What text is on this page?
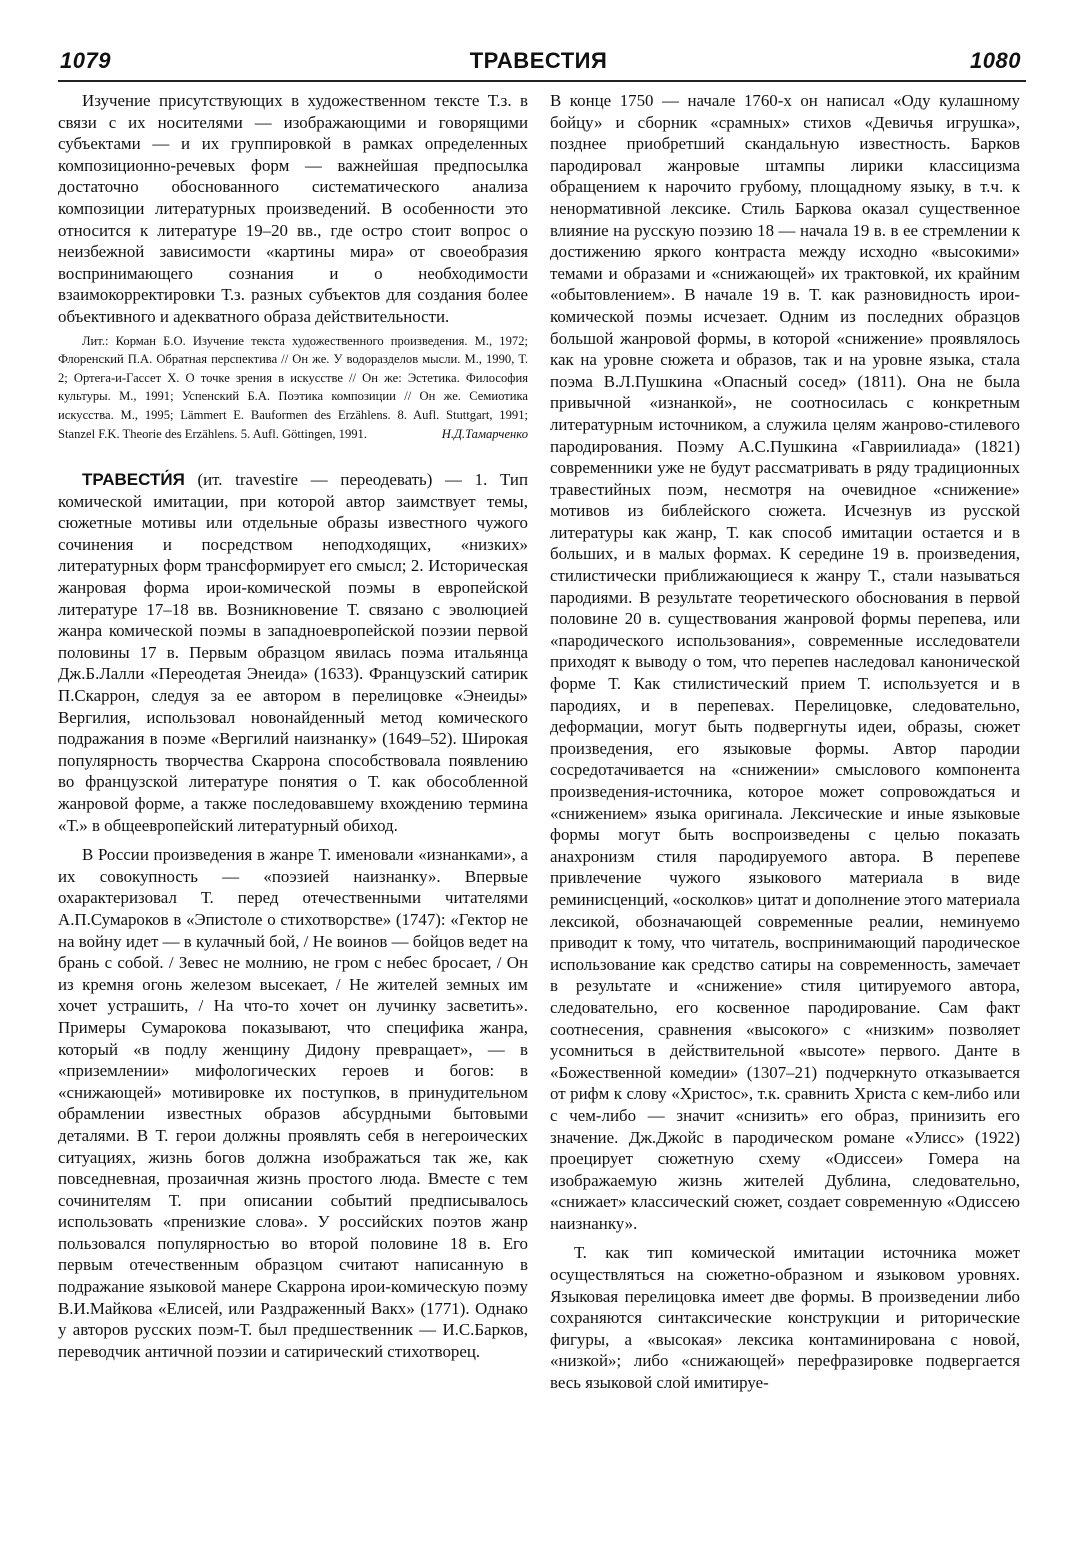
1079	ТРАВЕСТИЯ	1080

Изучение присутствующих в художественном тексте Т.з. в связи с их носителями — изображающими и говорящими субъектами — и их группировкой в рамках определенных композиционно-речевых форм — важнейшая предпосылка достаточно обоснованного систематического анализа композиции литературных произведений. В особенности это относится к литературе 19–20 вв., где остро стоит вопрос о неизбежной зависимости «картины мира» от своеобразия воспринимающего сознания и о необходимости взаимокорректировки Т.з. разных субъектов для создания более объективного и адекватного образа действительности.

Лит.: Корман Б.О. Изучение текста художественного произведения. М., 1972; Флоренский П.А. Обратная перспектива // Он же. У водоразделов мысли. М., 1990, Т. 2; Ортега-и-Гассет Х. О точке зрения в искусстве // Он же: Эстетика. Философия культуры. М., 1991; Успенский Б.А. Поэтика композиции // Он же. Семиотика искусства. М., 1995; Lämmert E. Bauformen des Erzählens. 8. Aufl. Stuttgart, 1991; Stanzel F.K. Theorie des Erzählens. 5. Aufl. Göttingen, 1991.	Н.Д.Тамарченко

ТРАВЕСТИ́Я (ит. travestire — переодевать) — 1. Тип комической имитации, при которой автор заимствует темы, сюжетные мотивы или отдельные образы известного чужого сочинения и посредством неподходящих, «низких» литературных форм трансформирует его смысл; 2. Историческая жанровая форма ирои-комической поэмы в европейской литературе 17–18 вв. Возникновение Т. связано с эволюцией жанра комической поэмы в западноевропейской поэзии первой половины 17 в. Первым образцом явилась поэма итальянца Дж.Б.Лалли «Переодетая Энеида» (1633). Французский сатирик П.Скаррон, следуя за ее автором в перелицовке «Энеиды» Вергилия, использовал новонайденный метод комического подражания в поэме «Вергилий наизнанку» (1649–52). Широкая популярность творчества Скаррона способствовала появлению во французской литературе понятия о Т. как обособленной жанровой форме, а также последовавшему вхождению термина «Т.» в общеевропейский литературный обиход.

В России произведения в жанре Т. именовали «изнанками», а их совокупность — «поэзией наизнанку». Впервые охарактеризовал Т. перед отечественными читателями А.П.Сумароков в «Эпистоле о стихотворстве» (1747): «Гектор не на войну идет — в кулачный бой, / Не воинов — бойцов ведет на брань с собой. / Зевес не молнию, не гром с небес бросает, / Он из кремня огонь железом высекает, / Не жителей земных им хочет устрашить, / На что-то хочет он лучинку засветить». Примеры Сумарокова показывают, что специфика жанра, который «в подлу женщину Дидону превращает», — в «приземлении» мифологических героев и богов: в «снижающей» мотивировке их поступков, в принудительном обрамлении известных образов абсурдными бытовыми деталями. В Т. герои должны проявлять себя в негероических ситуациях, жизнь богов должна изображаться так же, как повседневная, прозаичная жизнь простого люда. Вместе с тем сочинителям Т. при описании событий предписывалось использовать «пренизкие слова». У российских поэтов жанр пользовался популярностью во второй половине 18 в. Его первым отечественным образцом считают написанную в подражание языковой манере Скаррона ирои-комическую поэму В.И.Майкова «Елисей, или Раздраженный Вакх» (1771). Однако у авторов русских поэм-Т. был предшественник — И.С.Барков, переводчик античной поэзии и сатирический стихотворец.

В конце 1750 — начале 1760-х он написал «Оду кулашному бойцу» и сборник «срамных» стихов «Девичья игрушка», позднее приобретший скандальную известность. Барков пародировал жанровые штампы лирики классицизма обращением к нарочито грубому, площадному языку, в т.ч. к ненормативной лексике. Стиль Баркова оказал существенное влияние на русскую поэзию 18 — начала 19 в. в ее стремлении к достижению яркого контраста между исходно «высокими» темами и образами и «снижающей» их трактовкой, их крайним «обытовлением». В начале 19 в. Т. как разновидность ирои-комической поэмы исчезает. Одним из последних образцов большой жанровой формы, в которой «снижение» проявлялось как на уровне сюжета и образов, так и на уровне языка, стала поэма В.Л.Пушкина «Опасный сосед» (1811). Она не была привычной «изнанкой», не соотносилась с конкретным литературным источником, а служила целям жанрово-стилевого пародирования. Поэму А.С.Пушкина «Гавриилиада» (1821) современники уже не будут рассматривать в ряду традиционных травестийных поэм, несмотря на очевидное «снижение» мотивов из библейского сюжета. Исчезнув из русской литературы как жанр, Т. как способ имитации остается и в больших, и в малых формах. К середине 19 в. произведения, стилистически приближающиеся к жанру Т., стали называться пародиями. В результате теоретического обоснования в первой половине 20 в. существования жанровой формы перепева, или «пародического использования», современные исследователи приходят к выводу о том, что перепев наследовал канонической форме Т. Как стилистический прием Т. используется и в пародиях, и в перепевах. Перелицовке, следовательно, деформации, могут быть подвергнуты идеи, образы, сюжет произведения, его языковые формы. Автор пародии сосредотачивается на «снижении» смыслового компонента произведения-источника, которое может сопровождаться и «снижением» языка оригинала. Лексические и иные языковые формы могут быть воспроизведены с целью показать анахронизм стиля пародируемого автора. В перепеве привлечение чужого языкового материала в виде реминисценций, «осколков» цитат и дополнение этого материала лексикой, обозначающей современные реалии, неминуемо приводит к тому, что читатель, воспринимающий пародическое использование как средство сатиры на современность, замечает в результате и «снижение» стиля цитируемого автора, следовательно, его косвенное пародирование. Сам факт соотнесения, сравнения «высокого» с «низким» позволяет усомниться в действительной «высоте» первого. Данте в «Божественной комедии» (1307–21) подчеркнуто отказывается от рифм к слову «Христос», т.к. сравнить Христа с кем-либо или с чем-либо — значит «снизить» его образ, принизить его значение. Дж.Джойс в пародическом романе «Улисс» (1922) проецирует сюжетную схему «Одиссеи» Гомера на изображаемую жизнь жителей Дублина, следовательно, «снижает» классический сюжет, создает современную «Одиссею наизнанку».

Т. как тип комической имитации источника может осуществляться на сюжетно-образном и языковом уровнях. Языковая перелицовка имеет две формы. В произведении либо сохраняются синтаксические конструкции и риторические фигуры, а «высокая» лексика контаминирована с новой, «низкой»; либо «снижающей» перефразировке подвергается весь языковой слой имитируе-
